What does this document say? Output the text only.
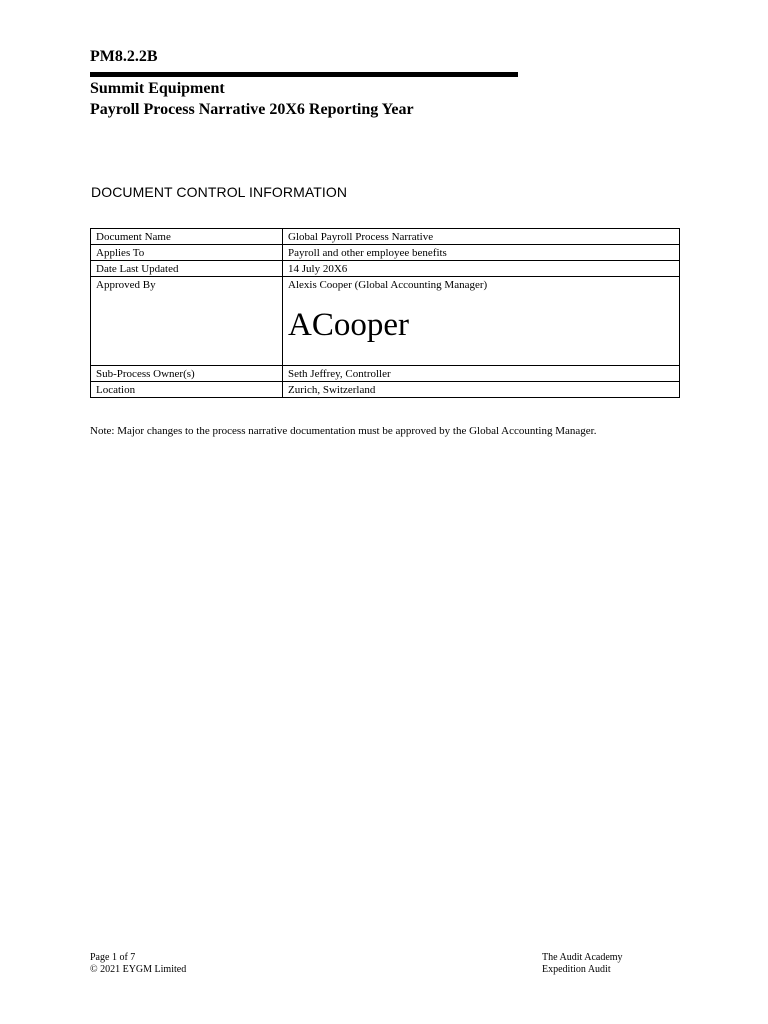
PM8.2.2B
Summit Equipment
Payroll Process Narrative 20X6 Reporting Year
DOCUMENT CONTROL INFORMATION
Document Name	Global Payroll Process Narrative
Applies To	Payroll and other employee benefits
Date Last Updated	14 July 20X6
Approved By	Alexis Cooper (Global Accounting Manager)
ACooper

Sub-Process Owner(s)	Seth Jeffrey, Controller
Location	Zurich, Switzerland
Note: Major changes to the process narrative documentation must be approved by the Global Accounting Manager.
Page 1 of 7
© 2021 EYGM Limited
The Audit Academy
Expedition Audit
